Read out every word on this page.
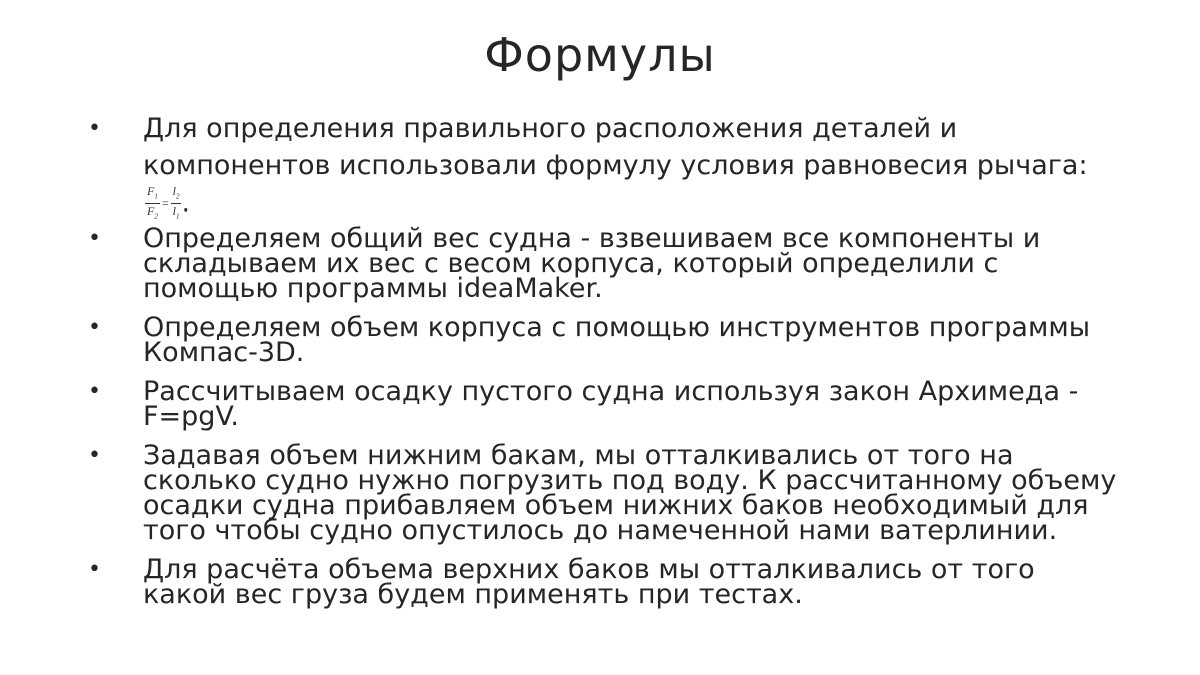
Формулы
• Для определения правильного расположения деталей и компонентов использовали формулу условия равновесия рычага:
$\frac{F_1}{F_2} = \frac{l_2}{l_1}$ .
• Определяем общий вес судна - взвешиваем все компоненты и складываем их вес с весом корпуса, который определили с помощью программы ideaMaker.
• Определяем объем корпуса с помощью инструментов программы Компас-3D.
• Рассчитываем осадку пустого судна используя закон Архимеда - F=pgV.
• Задавая объем нижним бакам, мы отталкивались от того на сколько судно нужно погрузить под воду. К рассчитанному объему осадки судна прибавляем объем нижних баков необходимый для того чтобы судно опустилось до намеченной нами ватерлинии.
• Для расчёта объема верхних баков мы отталкивались от того какой вес груза будем применять при тестах.
